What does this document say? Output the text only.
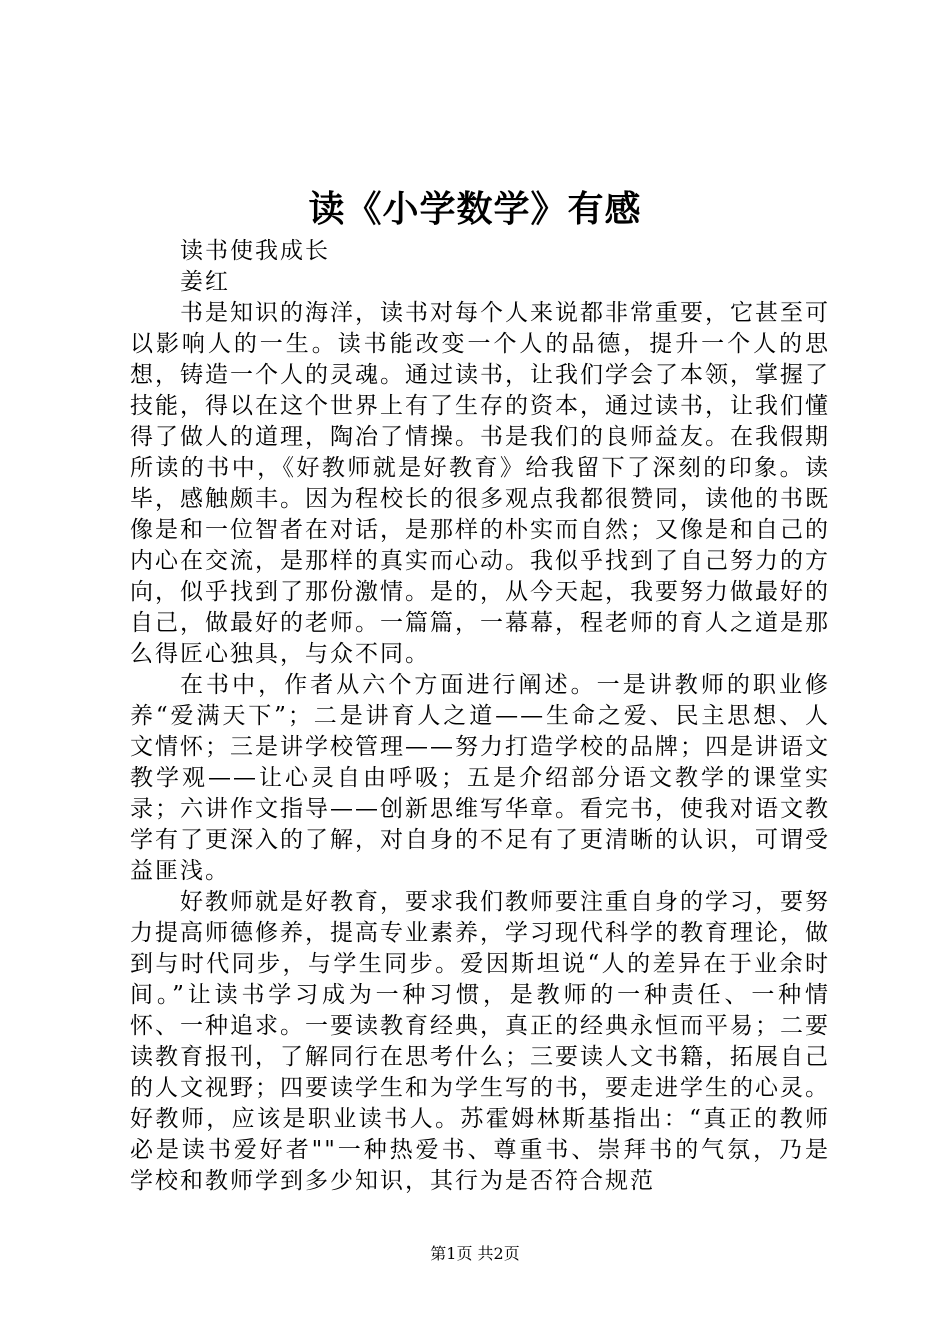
读《小学数学》有感

读书使我成长

姜红

书是知识的海洋，读书对每个人来说都非常重要，它甚至可以影响人的一生。读书能改变一个人的品德，提升一个人的思想，铸造一个人的灵魂。通过读书，让我们学会了本领，掌握了技能，得以在这个世界上有了生存的资本，通过读书，让我们懂得了做人的道理，陶冶了情操。书是我们的良师益友。在我假期所读的书中，《好教师就是好教育》给我留下了深刻的印象。读毕，感触颇丰。因为程校长的很多观点我都很赞同，读他的书既像是和一位智者在对话，是那样的朴实而自然；又像是和自己的内心在交流，是那样的真实而心动。我似乎找到了自己努力的方向，似乎找到了那份激情。是的，从今天起，我要努力做最好的自己，做最好的老师。一篇篇，一幕幕，程老师的育人之道是那么得匠心独具，与众不同。

在书中，作者从六个方面进行阐述。一是讲教师的职业修养“爱满天下”；二是讲育人之道——生命之爱、民主思想、人文情怀；三是讲学校管理——努力打造学校的品牌；四是讲语文教学观——让心灵自由呼吸；五是介绍部分语文教学的课堂实录；六讲作文指导——创新思维写华章。看完书，使我对语文教学有了更深入的了解，对自身的不足有了更清晰的认识，可谓受益匪浅。

好教师就是好教育，要求我们教师要注重自身的学习，要努力提高师德修养，提高专业素养，学习现代科学的教育理论，做到与时代同步，与学生同步。爱因斯坦说“人的差异在于业余时间。”让读书学习成为一种习惯，是教师的一种责任、一种情怀、一种追求。一要读教育经典，真正的经典永恒而平易；二要读教育报刊，了解同行在思考什么；三要读人文书籍，拓展自己的人文视野；四要读学生和为学生写的书，要走进学生的心灵。好教师，应该是职业读书人。苏霍姆林斯基指出：“真正的教师必是读书爱好者""一种热爱书、尊重书、崇拜书的气氛，乃是学校和教师学到多少知识，其行为是否符合规范

第1页 共2页
